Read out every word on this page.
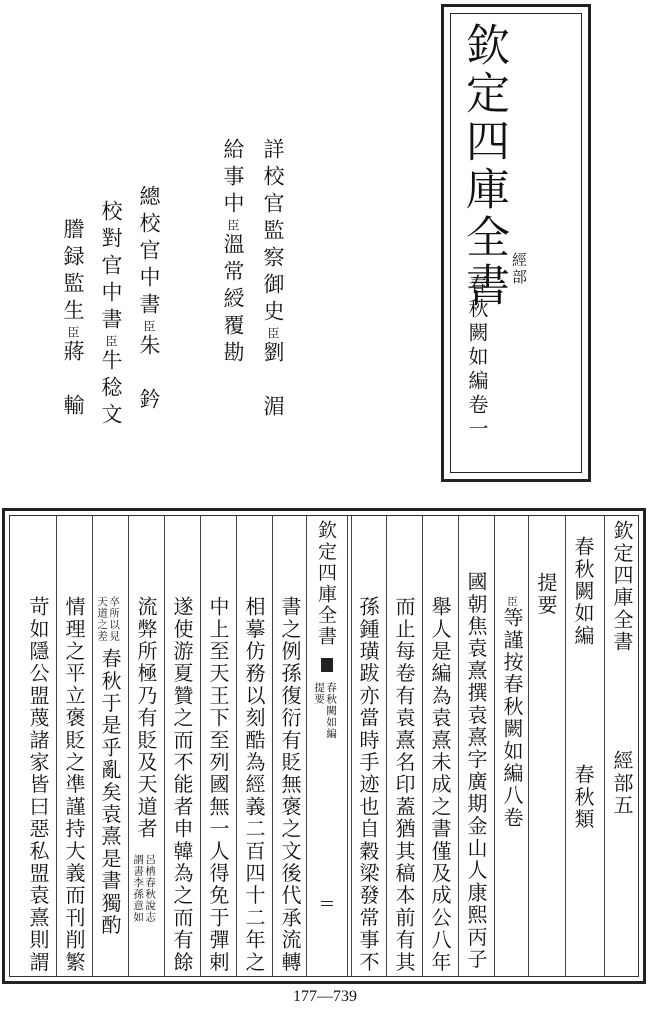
欽定四庫全書 經部
春秋闕如編卷一
詳校官監察御史臣劉　湄
給事中臣溫常綬覆勘
總校官中書臣朱　鈐
校對官中書臣牛稔文
謄録監生臣蔣　輸
欽定四庫全書
經部五
春秋闕如編
春秋類
提要
欽定四庫全書
春秋闕如編
提要
臣等謹按春秋闕如編八卷
國朝焦袁熹撰袁熹字廣期金山人康熙丙子
舉人是編為袁熹未成之書僅及成公八年
而止每卷有袁熹名印蓋猶其稿本前有其
孫鍾璜跋亦當時手迹也自穀梁發常事不
書之例孫復衍有貶無褒之文後代承流轉
相摹仿務以刻酷為經義二百四十二年之
中上至天王下至列國無一人得免于彈剌
遂使游夏贊之而不能者申韓為之而有餘
流弊所極乃有貶及天道者
呂柟春秋說志
謂書李孫意如
卒所以見
天道之差
春秋于是乎亂矣袁熹是書獨酌
情理之平立褒貶之凖謹持大義而刊削繁
苛如隱公盟蔑諸家皆曰惡私盟袁熹則謂
177—739
